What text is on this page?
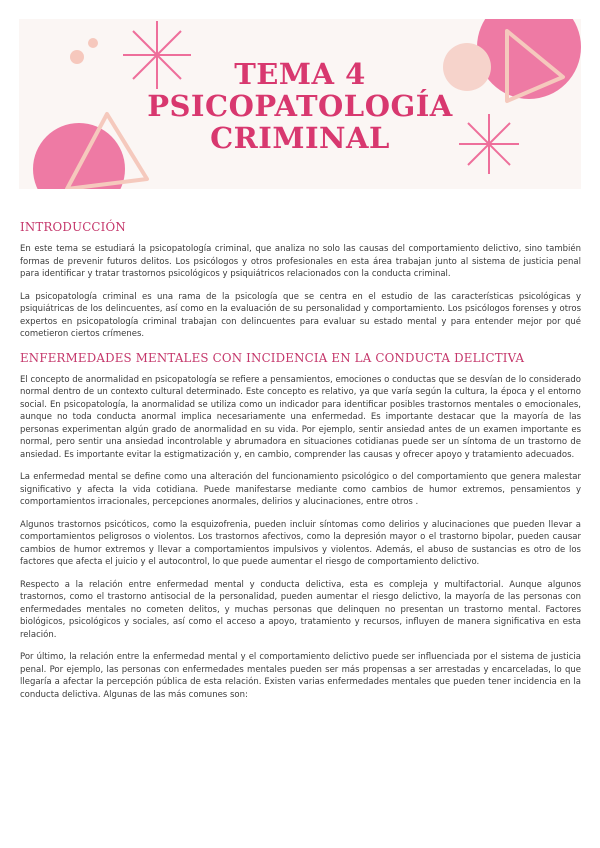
TEMA 4
PSICOPATOLOGÍA
CRIMINAL
INTRODUCCIÓN

En este tema se estudiará la psicopatología criminal, que analiza no solo las causas del comportamiento delictivo, sino también formas de prevenir futuros delitos. Los psicólogos y otros profesionales en esta área trabajan junto al sistema de justicia penal para identificar y tratar trastornos psicológicos y psiquiátricos relacionados con la conducta criminal.

La psicopatología criminal es una rama de la psicología que se centra en el estudio de las características psicológicas y psiquiátricas de los delincuentes, así como en la evaluación de su personalidad y comportamiento. Los psicólogos forenses y otros expertos en psicopatología criminal trabajan con delincuentes para evaluar su estado mental y para entender mejor por qué cometieron ciertos crímenes.

ENFERMEDADES MENTALES CON INCIDENCIA EN LA CONDUCTA DELICTIVA

El concepto de anormalidad en psicopatología se refiere a pensamientos, emociones o conductas que se desvían de lo considerado normal dentro de un contexto cultural determinado. Este concepto es relativo, ya que varía según la cultura, la época y el entorno social. En psicopatología, la anormalidad se utiliza como un indicador para identificar posibles trastornos mentales o emocionales, aunque no toda conducta anormal implica necesariamente una enfermedad. Es importante destacar que la mayoría de las personas experimentan algún grado de anormalidad en su vida. Por ejemplo, sentir ansiedad antes de un examen importante es normal, pero sentir una ansiedad incontrolable y abrumadora en situaciones cotidianas puede ser un síntoma de un trastorno de ansiedad. Es importante evitar la estigmatización y, en cambio, comprender las causas y ofrecer apoyo y tratamiento adecuados.

La enfermedad mental se define como una alteración del funcionamiento psicológico o del comportamiento que genera malestar significativo y afecta la vida cotidiana. Puede manifestarse mediante como cambios de humor extremos, pensamientos y comportamientos irracionales, percepciones anormales, delirios y alucinaciones, entre otros .

Algunos trastornos psicóticos, como la esquizofrenia, pueden incluir síntomas como delirios y alucinaciones que pueden llevar a comportamientos peligrosos o violentos. Los trastornos afectivos, como la depresión mayor o el trastorno bipolar, pueden causar cambios de humor extremos y llevar a comportamientos impulsivos y violentos. Además, el abuso de sustancias es otro de los factores que afecta el juicio y el autocontrol, lo que puede aumentar el riesgo de comportamiento delictivo.

Respecto a la relación entre enfermedad mental y conducta delictiva, esta es compleja y multifactorial. Aunque algunos trastornos, como el trastorno antisocial de la personalidad, pueden aumentar el riesgo delictivo, la mayoría de las personas con enfermedades mentales no cometen delitos, y muchas personas que delinquen no presentan un trastorno mental. Factores biológicos, psicológicos y sociales, así como el acceso a apoyo, tratamiento y recursos, influyen de manera significativa en esta relación.

Por último, la relación entre la enfermedad mental y el comportamiento delictivo puede ser influenciada por el sistema de justicia penal. Por ejemplo, las personas con enfermedades mentales pueden ser más propensas a ser arrestadas y encarceladas, lo que llegaría a afectar la percepción pública de esta relación. Existen varias enfermedades mentales que pueden tener incidencia en la conducta delictiva. Algunas de las más comunes son:
